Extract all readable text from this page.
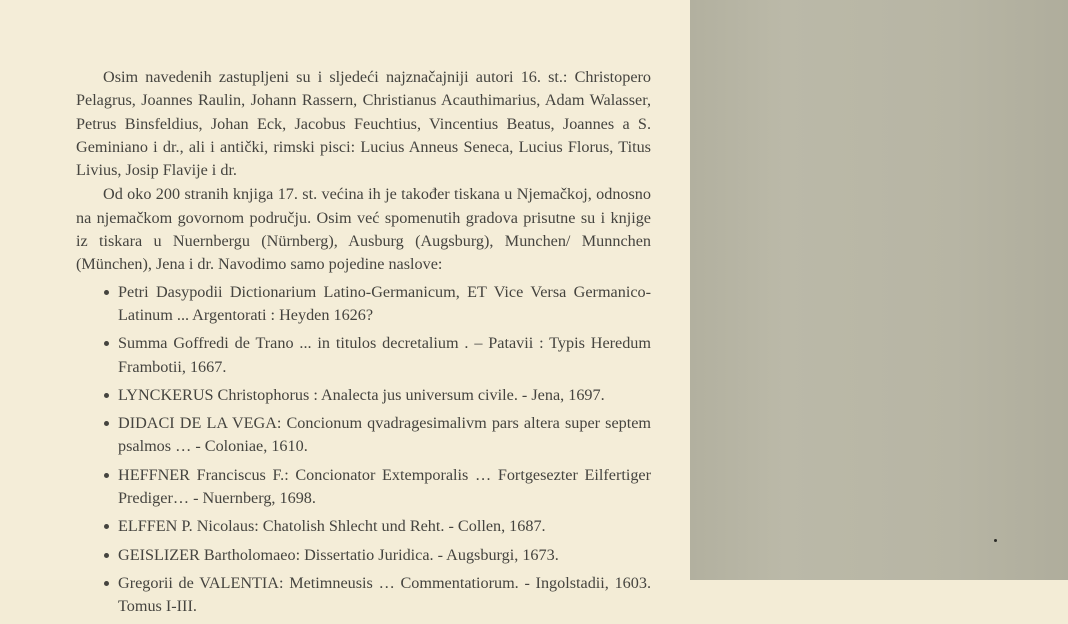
Osim navedenih zastupljeni su i sljedeći najznačajniji autori 16. st.: Christopero Pelagrus, Joannes Raulin, Johann Rassern, Christianus Acauthimarius, Adam Walasser, Petrus Binsfeldius, Johan Eck, Jacobus Feuchtius, Vincentius Beatus, Joannes a S. Geminiano i dr., ali i antički, rimski pisci: Lucius Anneus Seneca, Lucius Florus, Titus Livius, Josip Flavije i dr.

Od oko 200 stranih knjiga 17. st. većina ih je također tiskana u Njemačkoj, odnosno na njemačkom govornom području. Osim već spomenutih gradova prisutne su i knjige iz tiskara u Nuernbergu (Nürnberg), Ausburg (Augsburg), Munchen/ Munnchen (München), Jena i dr. Navodimo samo pojedine naslove:

Petri Dasypodii Dictionarium Latino-Germanicum, ET Vice Versa Germanico-Latinum ... Argentorati : Heyden 1626?
Summa Goffredi de Trano ... in titulos decretalium . – Patavii : Typis Heredum Frambotii, 1667.
LYNCKERUS Christophorus : Analecta jus universum civile. - Jena, 1697.
DIDACI DE LA VEGA: Concionum qvadragesimalivm pars altera super septem psalmos … - Coloniae, 1610.
HEFFNER Franciscus F.: Concionator Extemporalis … Fortgesezter Eilfertiger Prediger… - Nuernberg, 1698.
ELFFEN P. Nicolaus: Chatolish Shlecht und Reht. - Collen, 1687.
GEISLIZER Bartholomaeo: Dissertatio Juridica. - Augsburgi, 1673.
Gregorii de VALENTIA: Metimneusis … Commentatiorum. - Ingolstadii, 1603. Tomus I-III.
